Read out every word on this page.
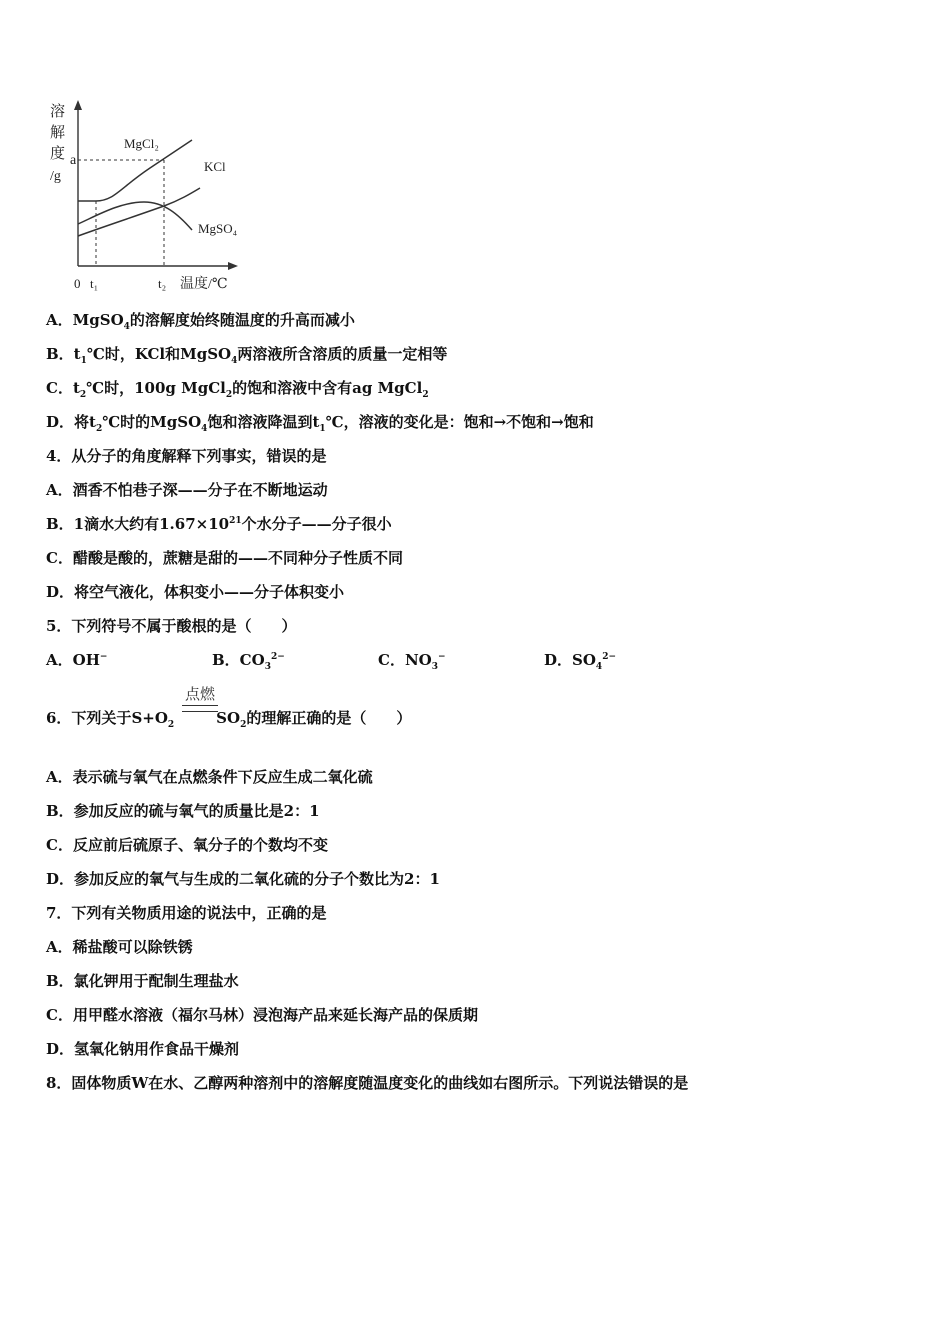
溶
解
度
/g
a
MgCl₂
KCl
MgSO₄
0 t₁	t₂ 温度/℃
A．MgSO$_4$的溶解度始终随温度的升高而减小
B．$t_1℃$时，KCl和MgSO$_4$两溶液所含溶质的质量一定相等
C．$t_2℃$时，100g MgCl$_2$的饱和溶液中含有ag MgCl$_2$
D．将$t_2℃$时的MgSO$_4$饱和溶液降温到$t_1℃$，溶液的变化是：饱和→不饱和→饱和
4．从分子的角度解释下列事实，错误的是
A．酒香不怕巷子深——分子在不断地运动
B．1滴水大约有$1.67\times 10^{21}$个水分子——分子很小
C．醋酸是酸的，蔗糖是甜的——不同种分子性质不同
D．将空气液化，体积变小——分子体积变小
5．下列符号不属于酸根的是（　　）
A．OH−	B．$CO_3^{2-}$	C．$NO_3^-$	D．$SO_4^{2-}$
点燃
6．下列关于$S+O_2$	$SO_2$的理解正确的是（　　）
A．表示硫与氧气在点燃条件下反应生成二氧化硫
B．参加反应的硫与氧气的质量比是2：1
C．反应前后硫原子、氧分子的个数均不变
D．参加反应的氧气与生成的二氧化硫的分子个数比为2：1
7．下列有关物质用途的说法中，正确的是
A．稀盐酸可以除铁锈
B．氯化钾用于配制生理盐水
C．用甲醛水溶液（福尔马林）浸泡海产品来延长海产品的保质期
D．氢氧化钠用作食品干燥剂
8．固体物质W在水、乙醇两种溶剂中的溶解度随温度变化的曲线如右图所示。下列说法错误的是
